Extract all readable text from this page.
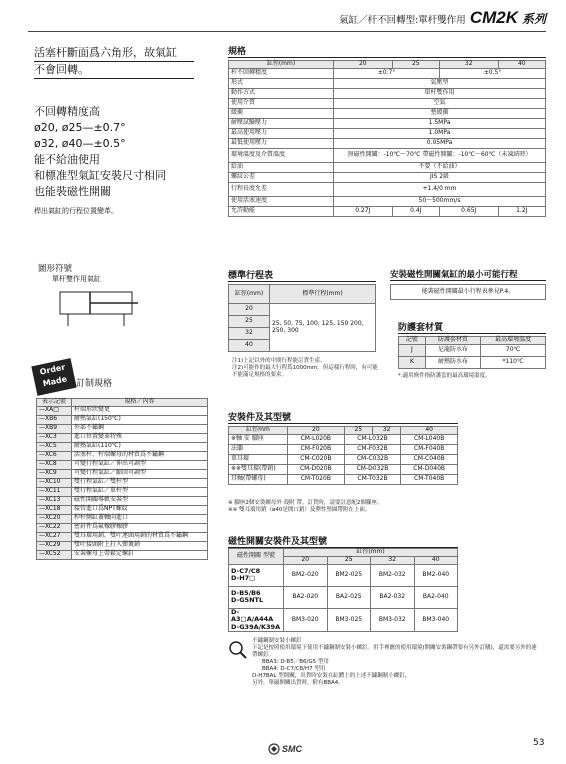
氣缸／杆不回轉型:單杆雙作用 CM2K 系列
活塞杆斷面爲六角形，故氣缸
不會回轉。
不回轉精度高
ø20, ø25—±0.7°
ø32, ø40—±0.5°
能不給油使用
和標准型氣缸安裝尺寸相同
也能裝磁性開關
桿出氣缸的行程位置變革。
圖形符號
單杆雙作用氣缸
Order
Made 訂制規格
表示記號	規格／內容
—XA□	杆端形狀變更
—XB6	耐熱氣缸(150℃)
—XB9	外部不鏽鋼
—XC3	進口位置變革特殊
—XC5	耐熱氣缸(110℃)
—XC6	活塞杆、杆端螺母的材質爲不鏽鋼
—XC8	可變行程氣缸／伸出可調型
—XC9	可變行程氣缸／縮回可調型
—XC10	雙行程氣缸／雙杆型
—XC11	雙行程氣缸／單杆型
—XC13	磁性開關導軌安裝型
—XC18	接管進口爲NPT螺紋
—XC20	桿杆側缸蓋軸向進口
—XC22	密封件爲氟橡膠橡膠
—XC27	雙耳環用銷，雙叶連頭用銷的材質爲不鏽鋼
—XC29	雙叶接頭附上打入彈簧銷
—XC52	安裝螺母上帶鬆定螺釘
規格
缸徑(mm)	20	25	32	40
杆不回轉精度	±0.7°		±0.5°	
形式	氣壓型			
動作方式	單杆雙作用			
使用介質	空氣			
緩衝	墊緩衝			
耐壓試驗壓力	1.5MPa			
最高使用壓力	1.0MPa			
最低使用壓力	0.05MPa			
環境溫度及介質溫度	無磁性開關：-10℃～70℃ 帶磁性開關：-10℃～60℃（未凍結時）			
給油	不要（不給油）			
螺紋公差	JIS 2級			
行程長度允差	+1.4/0 mm			
使用活塞速度	50～500mm/s			
允許動能	0.27J	0.4J	0.65J	1.2J
標準行程表
缸徑(mm)	標準行程(mm)
20	25, 50, 75, 100, 125, 150 200, 250, 300
25	
32	
40	
注1)上記以外的中間行程能訂貨生產。
注2)可能作的最大行程爲1000mm。但這樣行程時，有可能不能滿足規格的要求。
安裝磁性開關氣缸的最小可能行程
能裝磁性開關最小行程表參見P.4。
防護套材質
記號	防護套材質	最高環境溫度
J	尼龍防水布	70℃
K	耐熱防水布	*110℃
*:適用條件指防護套的最高環境溫度。
安裝件及其型號
缸徑mm	20	25	32	40
※軸 安 腳座	CM-L020B	CM-L032B		CM-L040B
法蘭	CM-F020B	CM-F032B		CM-F040B
單耳環	CM-C020B	CM-C032B		CM-C040B
※※雙耳環(帶銷)	CM-D020B	CM-D032B		CM-D040B
耳軸(帶螺母)	CM-T020B	CM-T032B		CM-T040B
※ 腳座2個安裝螺母外 殼附 帶。訂貨時，請要註意配2個腳座。
※※ 雙耳環用銷（ø40是開口銷）及彈性墊圈帶附在上面。
磁性開關安裝件及其型號
磁性開關 型號	缸徑(mm)			
	20	25	32	40

D-C7/C8
D-H7□	BM2-020	BM2-025	BM2-032	BM2-040

D-B5/B6
D-G5NTL	BA2-020	BA2-025	BA2-032	BA2-040

D-A3□A/A44A
D-G39A/K39A	BM3-020	BM3-025	BM3-032	BM3-040
不鏽鋼制安裝小螺釘
下記是按照使用環境下使用不鏽鋼制安裝小螺釘。用手裡應的使用環境(開關安裝鋼帶要有另外訂購)，還需要另外的連帶螺釘。
BBA3: D-B5／B6/G5 型用
BBA4: D-C7/C8/H7 型用
D-H7BAL 型開關，出貨時安裝在缸體上的上述不鏽鋼制小螺釘，
另外，單磁開關出貨時，附有BBA4。
SMC
53
